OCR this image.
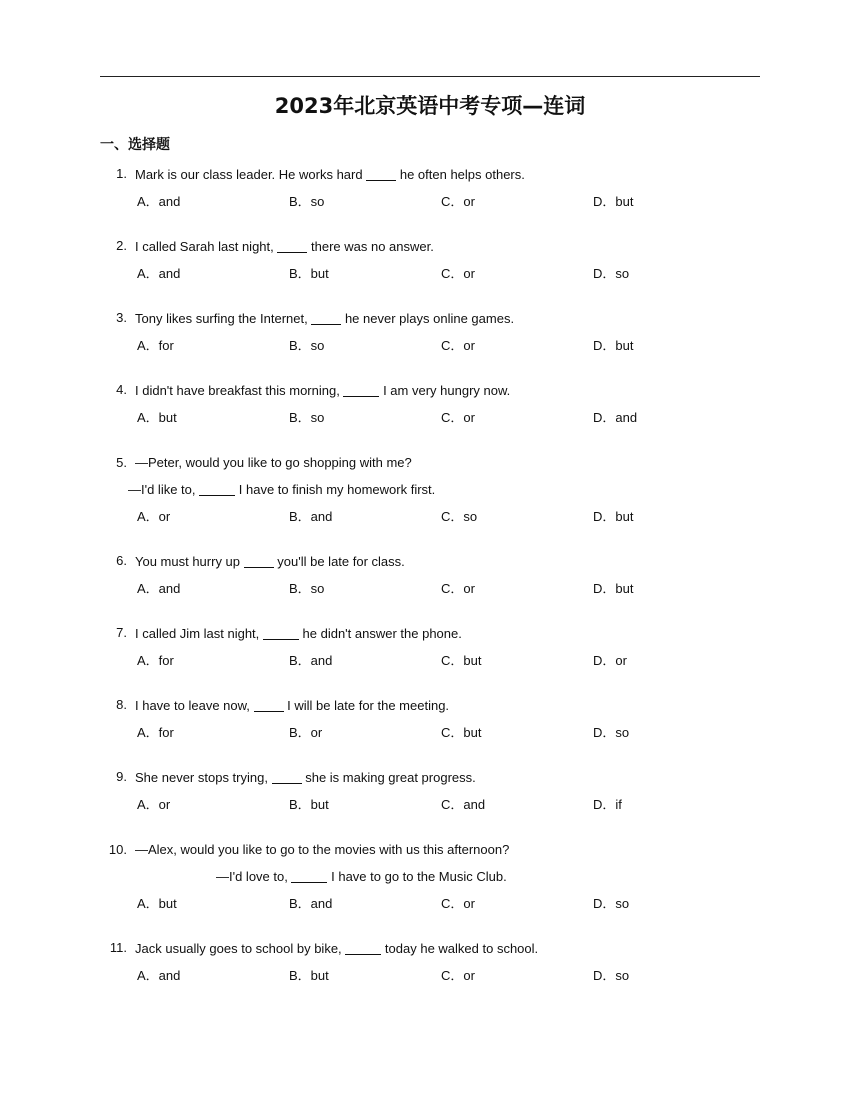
2023年北京英语中考专项—连词
一、选择题
1. Mark is our class leader. He works hard	he often helps others.
A．and	B．so	C．or	D．but
2. I called Sarah last night,	there was no answer.
A．and	B．but	C．or	D．so
3. Tony likes surfing the Internet,	he never plays online games.
A．for	B．so	C．or	D．but
4. I didn't have breakfast this morning,	I am very hungry now.
A．but	B．so	C．or	D．and
5. —Peter, would you like to go shopping with me?
—I'd like to,	I have to finish my homework first.
A．or	B．and	C．so	D．but
6. You must hurry up	you'll be late for class.
A．and	B．so	C．or	D．but
7. I called Jim last night,	he didn't answer the phone.
A．for	B．and	C．but	D．or
8. I have to leave now,	I will be late for the meeting.
A．for	B．or	C．but	D．so
9. She never stops trying,	she is making great progress.
A．or	B．but	C．and	D．if
10. —Alex, would you like to go to the movies with us this afternoon?
—I'd love to,	I have to go to the Music Club.
A．but	B．and	C．or	D．so
11. Jack usually goes to school by bike,	today he walked to school.
A．and	B．but	C．or	D．so
